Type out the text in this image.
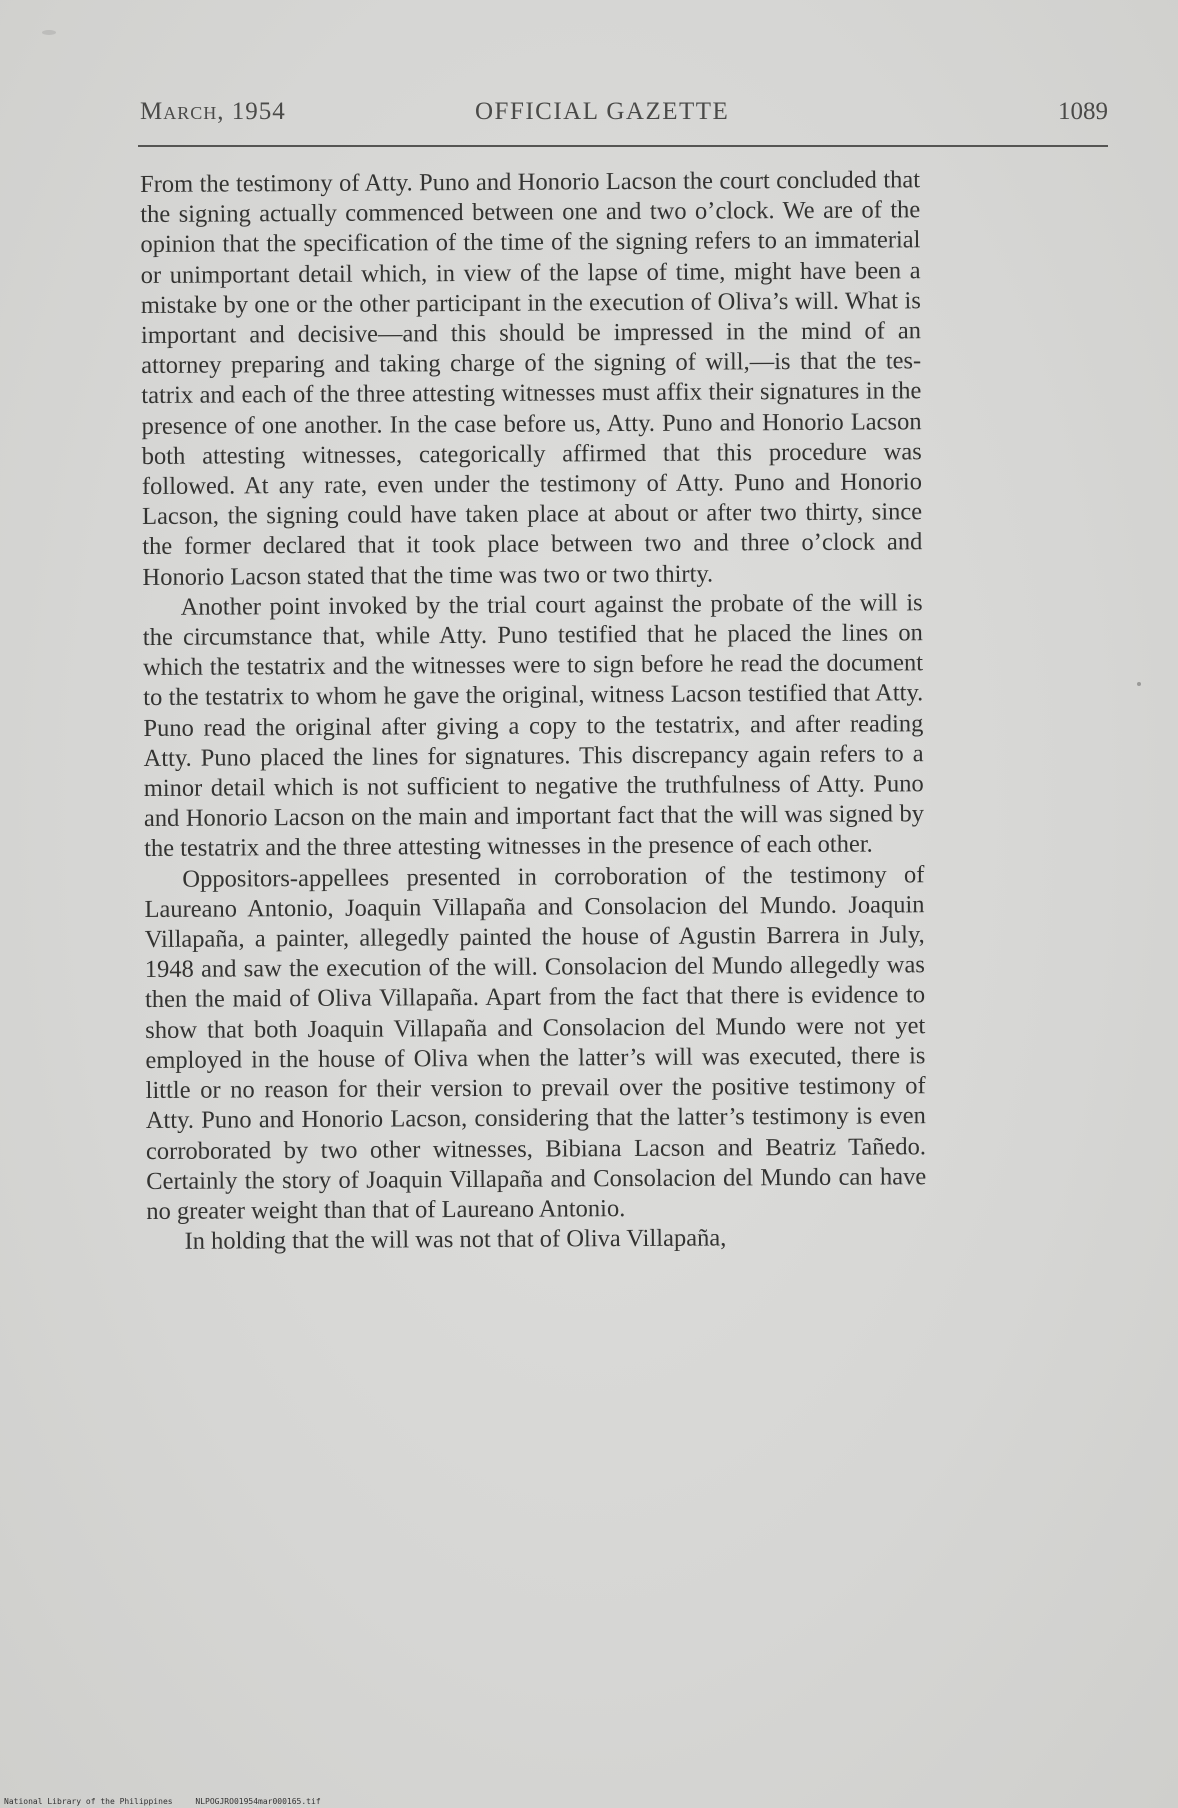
March, 1954	OFFICIAL GAZETTE	1089

From the testimony of Atty. Puno and Honorio Lacson the court concluded that the signing actually commenced between one and two o’clock. We are of the opinion that the specification of the time of the signing refers to an immaterial or unimportant detail which, in view of the lapse of time, might have been a mistake by one or the other participant in the execution of Oliva’s will. What is important and decisive—and this should be impressed in the mind of an attorney preparing and taking charge of the signing of will,—is that the testatrix and each of the three attesting witnesses must affix their signatures in the presence of one another. In the case before us, Atty. Puno and Honorio Lacson both attesting witnesses, categorically affirmed that this procedure was followed. At any rate, even under the testimony of Atty. Puno and Honorio Lacson, the signing could have taken place at about or after two thirty, since the former declared that it took place between two and three o’clock and Honorio Lacson stated that the time was two or two thirty.

Another point invoked by the trial court against the probate of the will is the circumstance that, while Atty. Puno testified that he placed the lines on which the testatrix and the witnesses were to sign before he read the document to the testatrix to whom he gave the original, witness Lacson testified that Atty. Puno read the original after giving a copy to the testatrix, and after reading Atty. Puno placed the lines for signatures. This discrepancy again refers to a minor detail which is not sufficient to negative the truthfulness of Atty. Puno and Honorio Lacson on the main and important fact that the will was signed by the testatrix and the three attesting witnesses in the presence of each other.

Oppositors-appellees presented in corroboration of the testimony of Laureano Antonio, Joaquin Villapaña and Consolacion del Mundo. Joaquin Villapaña, a painter, allegedly painted the house of Agustin Barrera in July, 1948 and saw the execution of the will. Consolacion del Mundo allegedly was then the maid of Oliva Villapaña. Apart from the fact that there is evidence to show that both Joaquin Villapaña and Consolacion del Mundo were not yet employed in the house of Oliva when the latter’s will was executed, there is little or no reason for their version to prevail over the positive testimony of Atty. Puno and Honorio Lacson, considering that the latter’s testimony is even corroborated by two other witnesses, Bibiana Lacson and Beatriz Tañedo. Certainly the story of Joaquin Villapaña and Consolacion del Mundo can have no greater weight than that of Laureano Antonio.

In holding that the will was not that of Oliva Villapaña,

National Library of the Philippines	NLPOGJRO01954mar000165.tif
